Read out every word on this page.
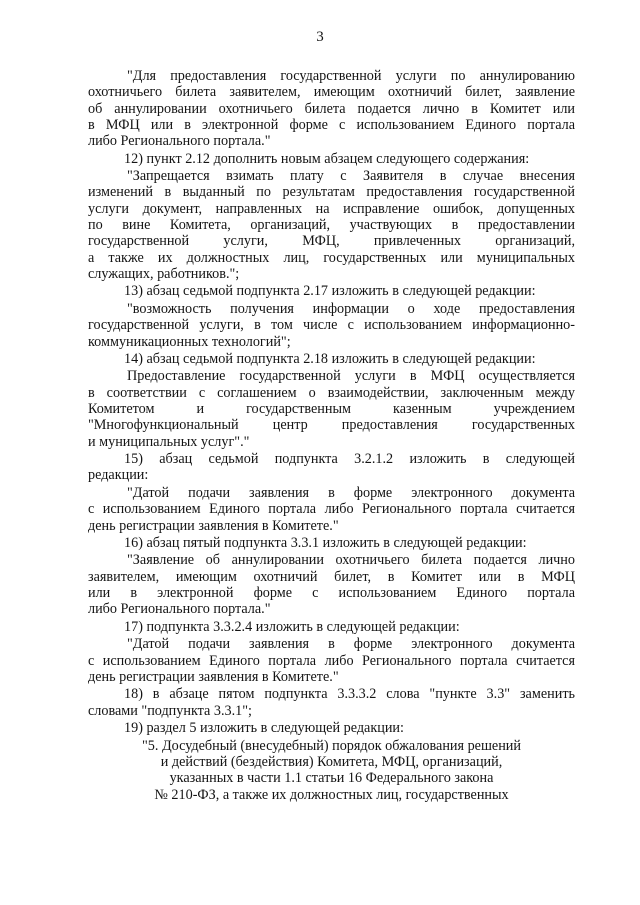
3
"Для предоставления государственной услуги по аннулированию
охотничьего билета заявителем, имеющим охотничий билет, заявление
об аннулировании охотничьего билета подается лично в Комитет или
в МФЦ или в электронной форме с использованием Единого портала
либо Регионального портала."
12) пункт 2.12 дополнить новым абзацем следующего содержания:
"Запрещается взимать плату с Заявителя в случае внесения
изменений в выданный по результатам предоставления государственной
услуги документ, направленных на исправление ошибок, допущенных
по вине Комитета, организаций, участвующих в предоставлении
государственной услуги, МФЦ, привлеченных организаций,
а также их должностных лиц, государственных или муниципальных
служащих, работников.";
13) абзац седьмой подпункта 2.17 изложить в следующей редакции:
"возможность получения информации о ходе предоставления
государственной услуги, в том числе с использованием информационно-
коммуникационных технологий";
14) абзац седьмой подпункта 2.18 изложить в следующей редакции:
Предоставление государственной услуги в МФЦ осуществляется
в соответствии с соглашением о взаимодействии, заключенным между
Комитетом и государственным казенным учреждением
"Многофункциональный центр предоставления государственных
и муниципальных услуг"."
15) абзац седьмой подпункта 3.2.1.2 изложить в следующей
редакции:
"Датой подачи заявления в форме электронного документа
с использованием Единого портала либо Регионального портала считается
день регистрации заявления в Комитете."
16) абзац пятый подпункта 3.3.1 изложить в следующей редакции:
"Заявление об аннулировании охотничьего билета подается лично
заявителем, имеющим охотничий билет, в Комитет или в МФЦ
или в электронной форме с использованием Единого портала
либо Регионального портала."
17) подпункта 3.3.2.4 изложить в следующей редакции:
"Датой подачи заявления в форме электронного документа
с использованием Единого портала либо Регионального портала считается
день регистрации заявления в Комитете."
18) в абзаце пятом подпункта 3.3.3.2 слова "пункте 3.3" заменить
словами "подпункта 3.3.1";
19) раздел 5 изложить в следующей редакции:
"5. Досудебный (внесудебный) порядок обжалования решений
и действий (бездействия) Комитета, МФЦ, организаций,
указанных в части 1.1 статьи 16 Федерального закона
№ 210-ФЗ, а также их должностных лиц, государственных
